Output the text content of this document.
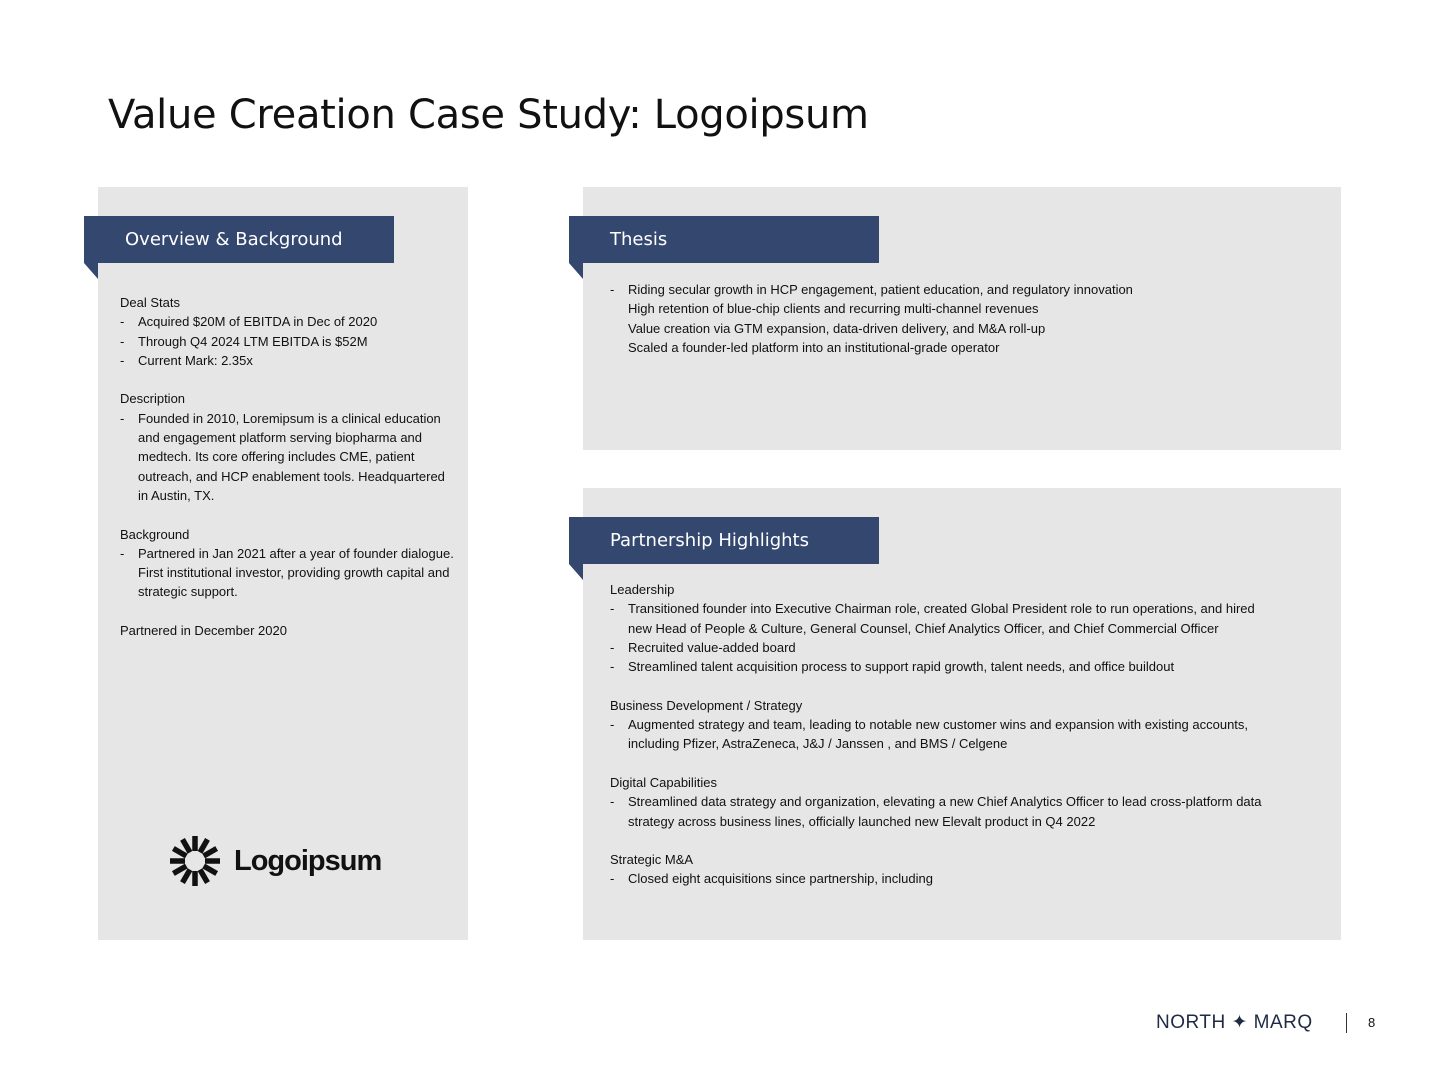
Value Creation Case Study: Logoipsum
Overview & Background

Deal Stats

-	Acquired $20M of EBITDA in Dec of 2020
-	Through Q4 2024 LTM EBITDA is $52M
-	Current Mark: 2.35x

Description

-	Founded in 2010, Loremipsum is a clinical education and engagement platform serving biopharma and medtech. Its core offering includes CME, patient outreach, and HCP enablement tools. Headquartered in Austin, TX.

Background

-	Partnered in Jan 2021 after a year of founder dialogue. First institutional investor, providing growth capital and strategic support.

Partnered in December 2020

Logoipsum
Thesis
-	Riding secular growth in HCP engagement, patient education, and regulatory innovation

High retention of blue-chip clients and recurring multi-channel revenues

Value creation via GTM expansion, data-driven delivery, and M&A roll-up

Scaled a founder-led platform into an institutional-grade operator

Partnership Highlights

Leadership

-	Transitioned founder into Executive Chairman role, created Global President role to run operations, and hired new Head of People & Culture, General Counsel, Chief Analytics Officer, and Chief Commercial Officer
-	Recruited value-added board
-	Streamlined talent acquisition process to support rapid growth, talent needs, and office buildout

Business Development / Strategy

-	Augmented strategy and team, leading to notable new customer wins and expansion with existing accounts, including Pfizer, AstraZeneca, J&J / Janssen , and BMS / Celgene

Digital Capabilities

-	Streamlined data strategy and organization, elevating a new Chief Analytics Officer to lead cross-platform data strategy across business lines, officially launched new Elevalt product in Q4 2022

Strategic M&A

-	Closed eight acquisitions since partnership, including
NORTH ✦ MARQ	8
